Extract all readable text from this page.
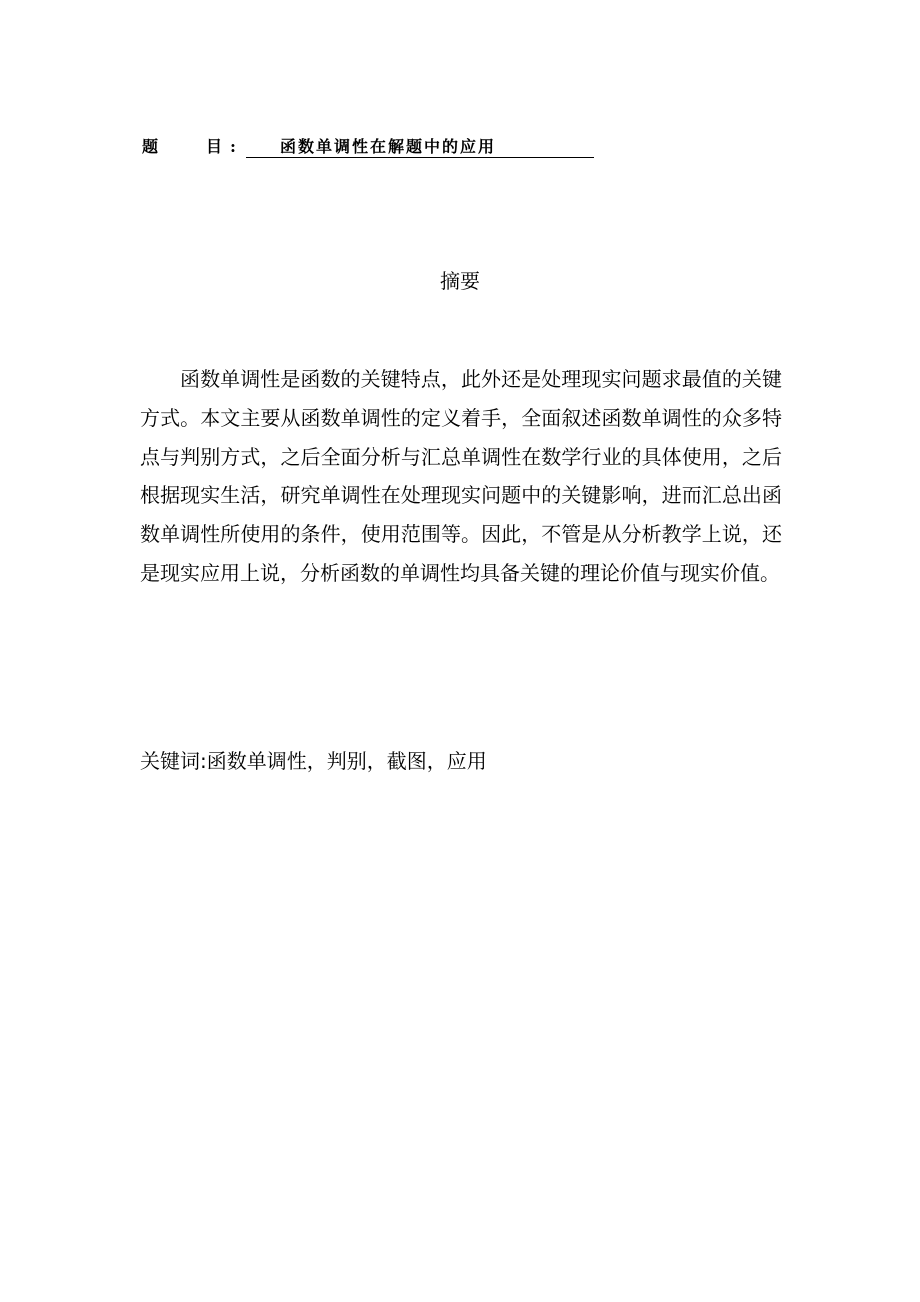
题	目 :	函数单调性在解题中的应用
摘要

函数单调性是函数的关键特点，此外还是处理现实问题求最值的关键方式。本文主要从函数单调性的定义着手，全面叙述函数单调性的众多特点与判别方式，之后全面分析与汇总单调性在数学行业的具体使用，之后根据现实生活，研究单调性在处理现实问题中的关键影响，进而汇总出函数单调性所使用的条件，使用范围等。因此，不管是从分析教学上说，还是现实应用上说，分析函数的单调性均具备关键的理论价值与现实价值。

关键词:函数单调性，判别，截图，应用
